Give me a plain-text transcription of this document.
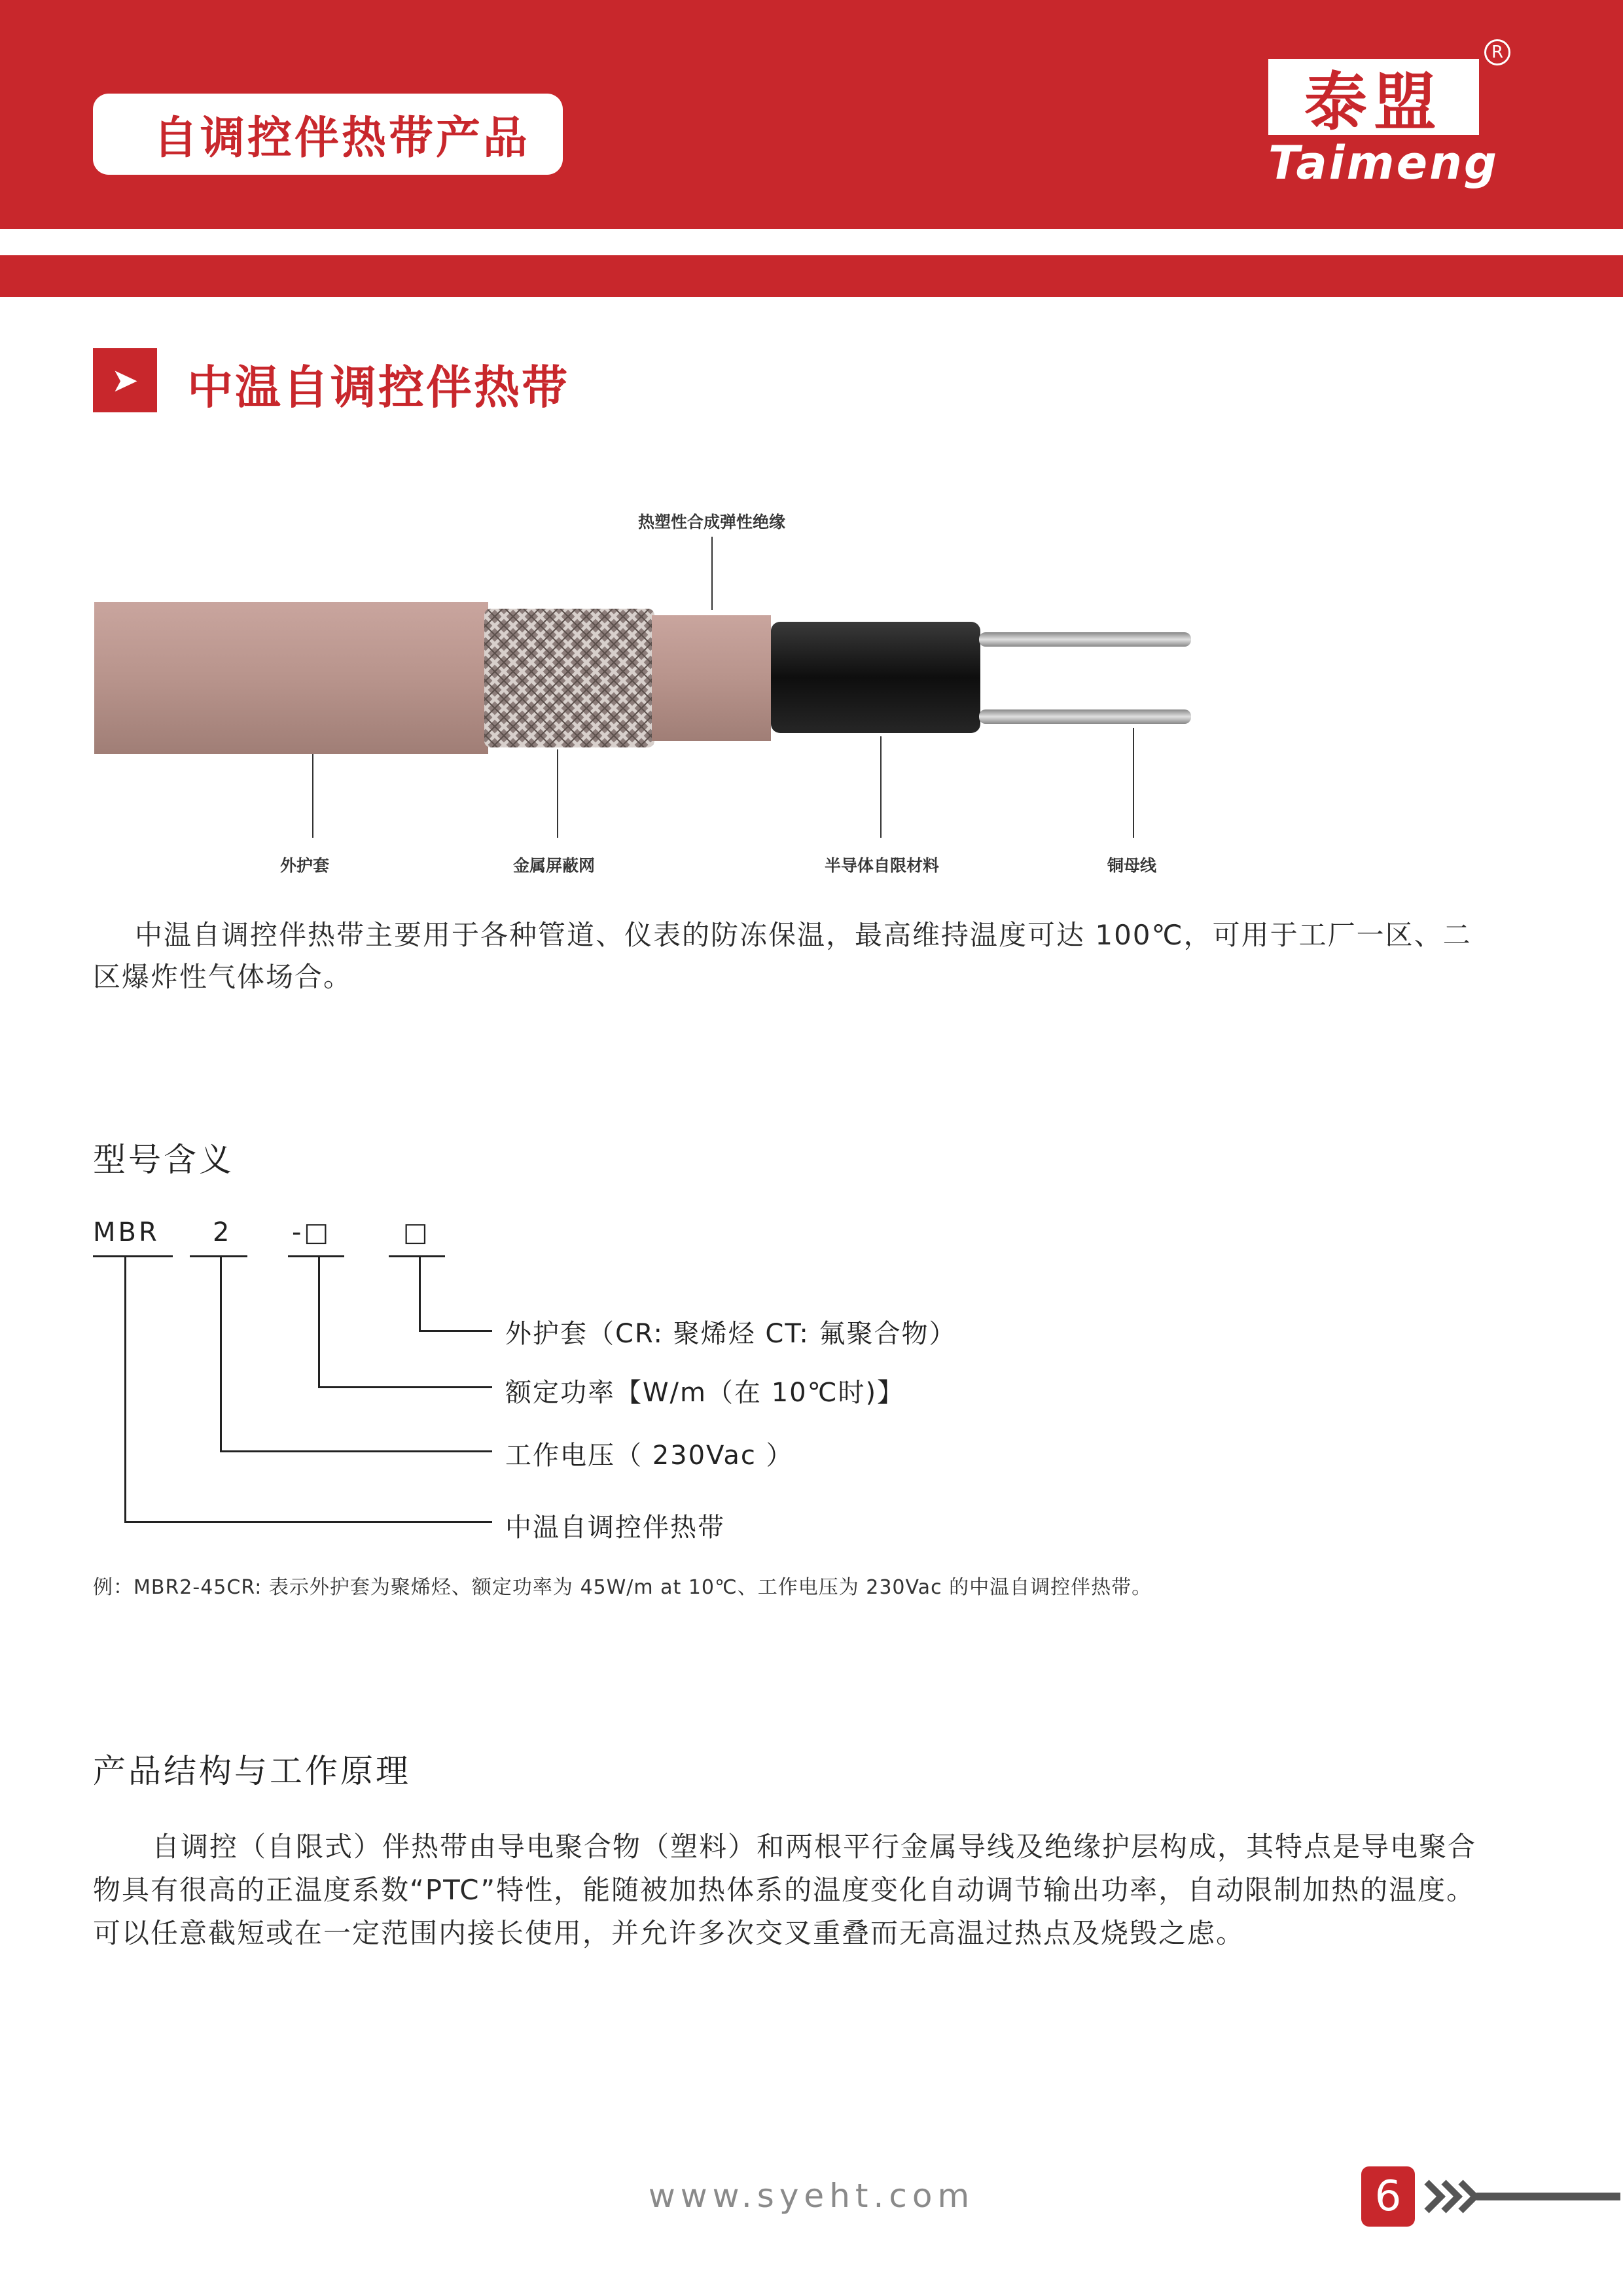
自调控伴热带产品	泰盟
R
Taimeng
➤	中温自调控伴热带
热塑性合成弹性绝缘
外护套	金属屏蔽网	半导体自限材料	铜母线
中温自调控伴热带主要用于各种管道、仪表的防冻保温，最高维持温度可达 100℃，可用于工厂一区、二
区爆炸性气体场合。
型号含义
MBR 2 -□	□
外护套（CR: 聚烯烃 CT: 氟聚合物）
额定功率【W/m（在 10℃时)】
工作电压（ 230Vac ）
中温自调控伴热带
例：MBR2-45CR: 表示外护套为聚烯烃、额定功率为 45W/m at 10℃、工作电压为 230Vac 的中温自调控伴热带。
产品结构与工作原理
自调控（自限式）伴热带由导电聚合物（塑料）和两根平行金属导线及绝缘护层构成，其特点是导电聚合
物具有很高的正温度系数“PTC”特性，能随被加热体系的温度变化自动调节输出功率，自动限制加热的温度。
可以任意截短或在一定范围内接长使用，并允许多次交叉重叠而无高温过热点及烧毁之虑。
www.syeht.com	6
